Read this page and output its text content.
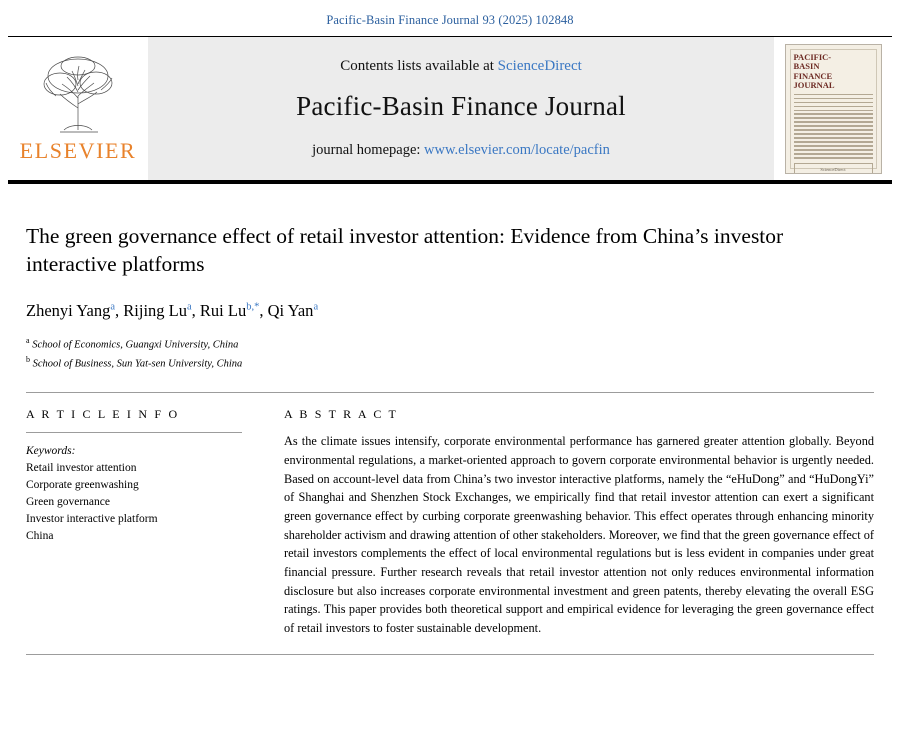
Pacific-Basin Finance Journal 93 (2025) 102848
ELSEVIER
Contents lists available at ScienceDirect
Pacific-Basin Finance Journal
journal homepage: www.elsevier.com/locate/pacfin
PACIFIC-
BASIN
FINANCE
JOURNAL
ScienceDirect
The green governance effect of retail investor attention: Evidence from China’s investor interactive platforms
Zhenyi Yang$^a$, Rijing Lu$^a$, Rui $Lu^{b,*}$, Qi Yan$^a$
$^a$ School of Economics, Guangxi University, China
$^b$ School of Business, Sun Yat-sen University, China
A R T I C L E I N F O
Keywords:
Retail investor attention
Corporate greenwashing
Green governance
Investor interactive platform
China
A B S T R A C T
As the climate issues intensify, corporate environmental performance has garnered greater attention globally. Beyond environmental regulations, a market-oriented approach to govern corporate environmental behavior is urgently needed. Based on account-level data from China’s two investor interactive platforms, namely the “eHuDong” and “HuDongYi” of Shanghai and Shenzhen Stock Exchanges, we empirically find that retail investor attention can exert a significant green governance effect by curbing corporate greenwashing behavior. This effect operates through enhancing minority shareholder activism and drawing attention of other stakeholders. Moreover, we find that the green governance effect of retail investors complements the effect of local environmental regulations but is less evident in companies under great financial pressure. Further research reveals that retail investor attention not only reduces environmental information disclosure but also increases corporate environmental investment and green patents, thereby elevating the overall ESG ratings. This paper provides both theoretical support and empirical evidence for leveraging the green governance effect of retail investors to foster sustainable development.
